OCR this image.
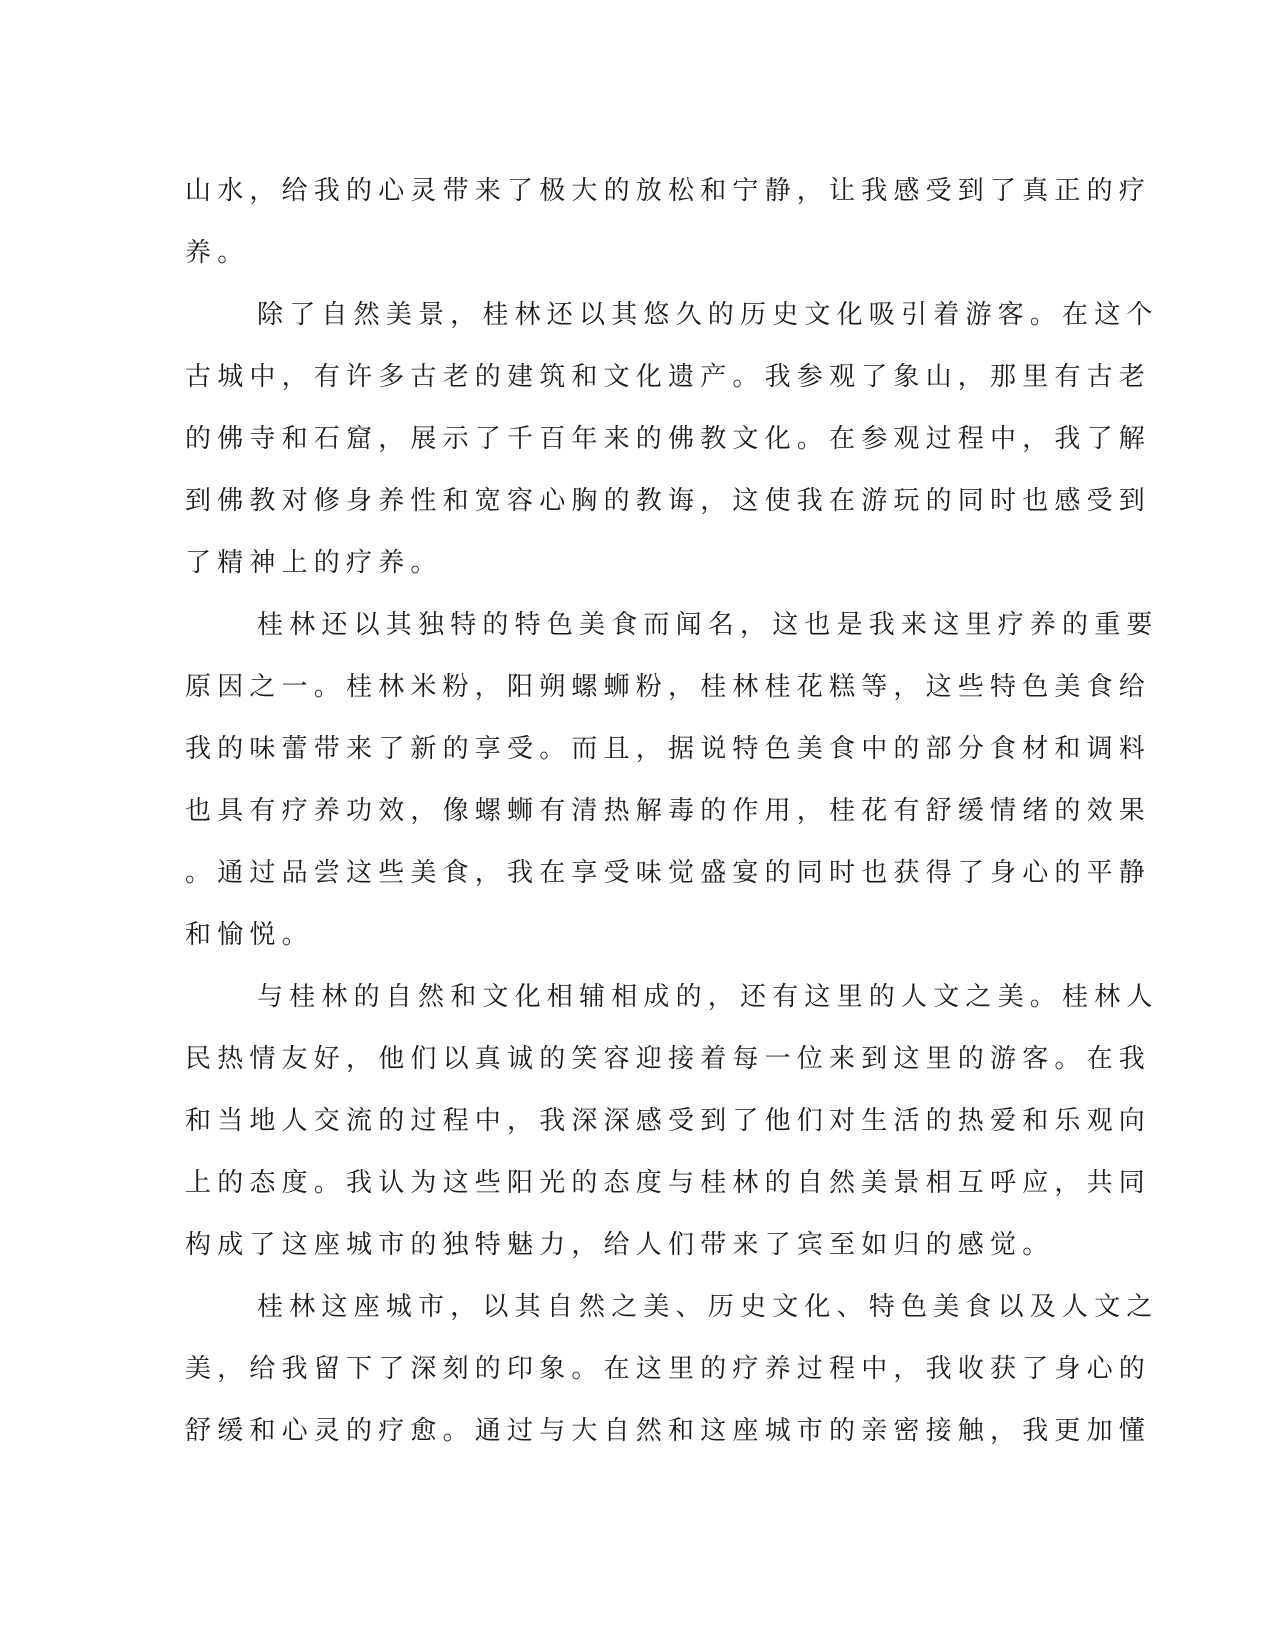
山水，给我的心灵带来了极大的放松和宁静，让我感受到了真正的疗
养。
除了自然美景，桂林还以其悠久的历史文化吸引着游客。在这个
古城中，有许多古老的建筑和文化遗产。我参观了象山，那里有古老
的佛寺和石窟，展示了千百年来的佛教文化。在参观过程中，我了解
到佛教对修身养性和宽容心胸的教诲，这使我在游玩的同时也感受到
了精神上的疗养。
桂林还以其独特的特色美食而闻名，这也是我来这里疗养的重要
原因之一。桂林米粉，阳朔螺蛳粉，桂林桂花糕等，这些特色美食给
我的味蕾带来了新的享受。而且，据说特色美食中的部分食材和调料
也具有疗养功效，像螺蛳有清热解毒的作用，桂花有舒缓情绪的效果
。通过品尝这些美食，我在享受味觉盛宴的同时也获得了身心的平静
和愉悦。
与桂林的自然和文化相辅相成的，还有这里的人文之美。桂林人
民热情友好，他们以真诚的笑容迎接着每一位来到这里的游客。在我
和当地人交流的过程中，我深深感受到了他们对生活的热爱和乐观向
上的态度。我认为这些阳光的态度与桂林的自然美景相互呼应，共同
构成了这座城市的独特魅力，给人们带来了宾至如归的感觉。
桂林这座城市，以其自然之美、历史文化、特色美食以及人文之
美，给我留下了深刻的印象。在这里的疗养过程中，我收获了身心的
舒缓和心灵的疗愈。通过与大自然和这座城市的亲密接触，我更加懂
